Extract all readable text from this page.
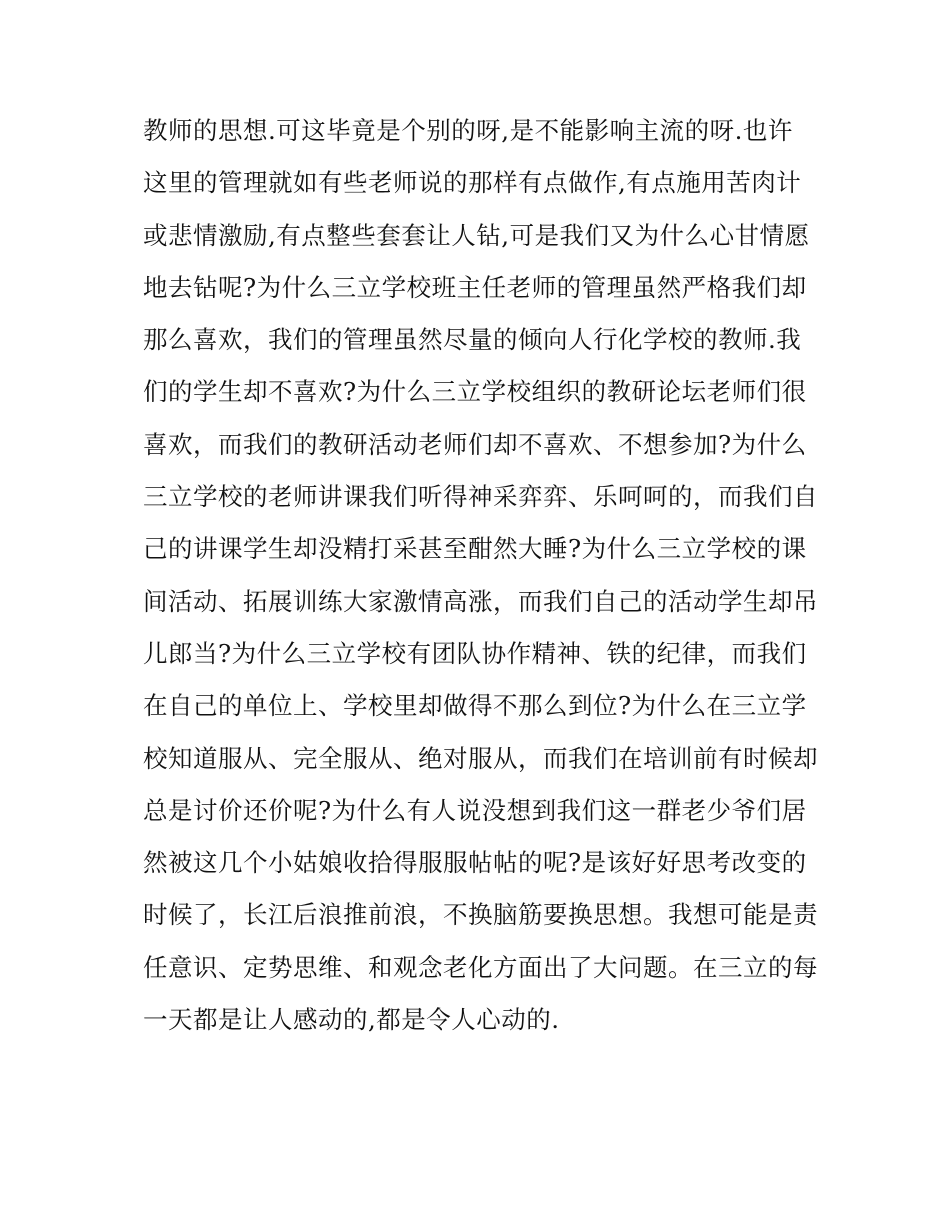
教师的思想.可这毕竟是个别的呀,是不能影响主流的呀.也许
这里的管理就如有些老师说的那样有点做作,有点施用苦肉计
或悲情激励,有点整些套套让人钻,可是我们又为什么心甘情愿
地去钻呢?为什么三立学校班主任老师的管理虽然严格我们却
那么喜欢，我们的管理虽然尽量的倾向人行化学校的教师.我
们的学生却不喜欢?为什么三立学校组织的教研论坛老师们很
喜欢，而我们的教研活动老师们却不喜欢、不想参加?为什么
三立学校的老师讲课我们听得神采弈弈、乐呵呵的，而我们自
己的讲课学生却没精打采甚至酣然大睡?为什么三立学校的课
间活动、拓展训练大家激情高涨，而我们自己的活动学生却吊
儿郎当?为什么三立学校有团队协作精神、铁的纪律，而我们
在自己的单位上、学校里却做得不那么到位?为什么在三立学
校知道服从、完全服从、绝对服从，而我们在培训前有时候却
总是讨价还价呢?为什么有人说没想到我们这一群老少爷们居
然被这几个小姑娘收拾得服服帖帖的呢?是该好好思考改变的
时候了，长江后浪推前浪，不换脑筋要换思想。我想可能是责
任意识、定势思维、和观念老化方面出了大问题。在三立的每
一天都是让人感动的,都是令人心动的.
